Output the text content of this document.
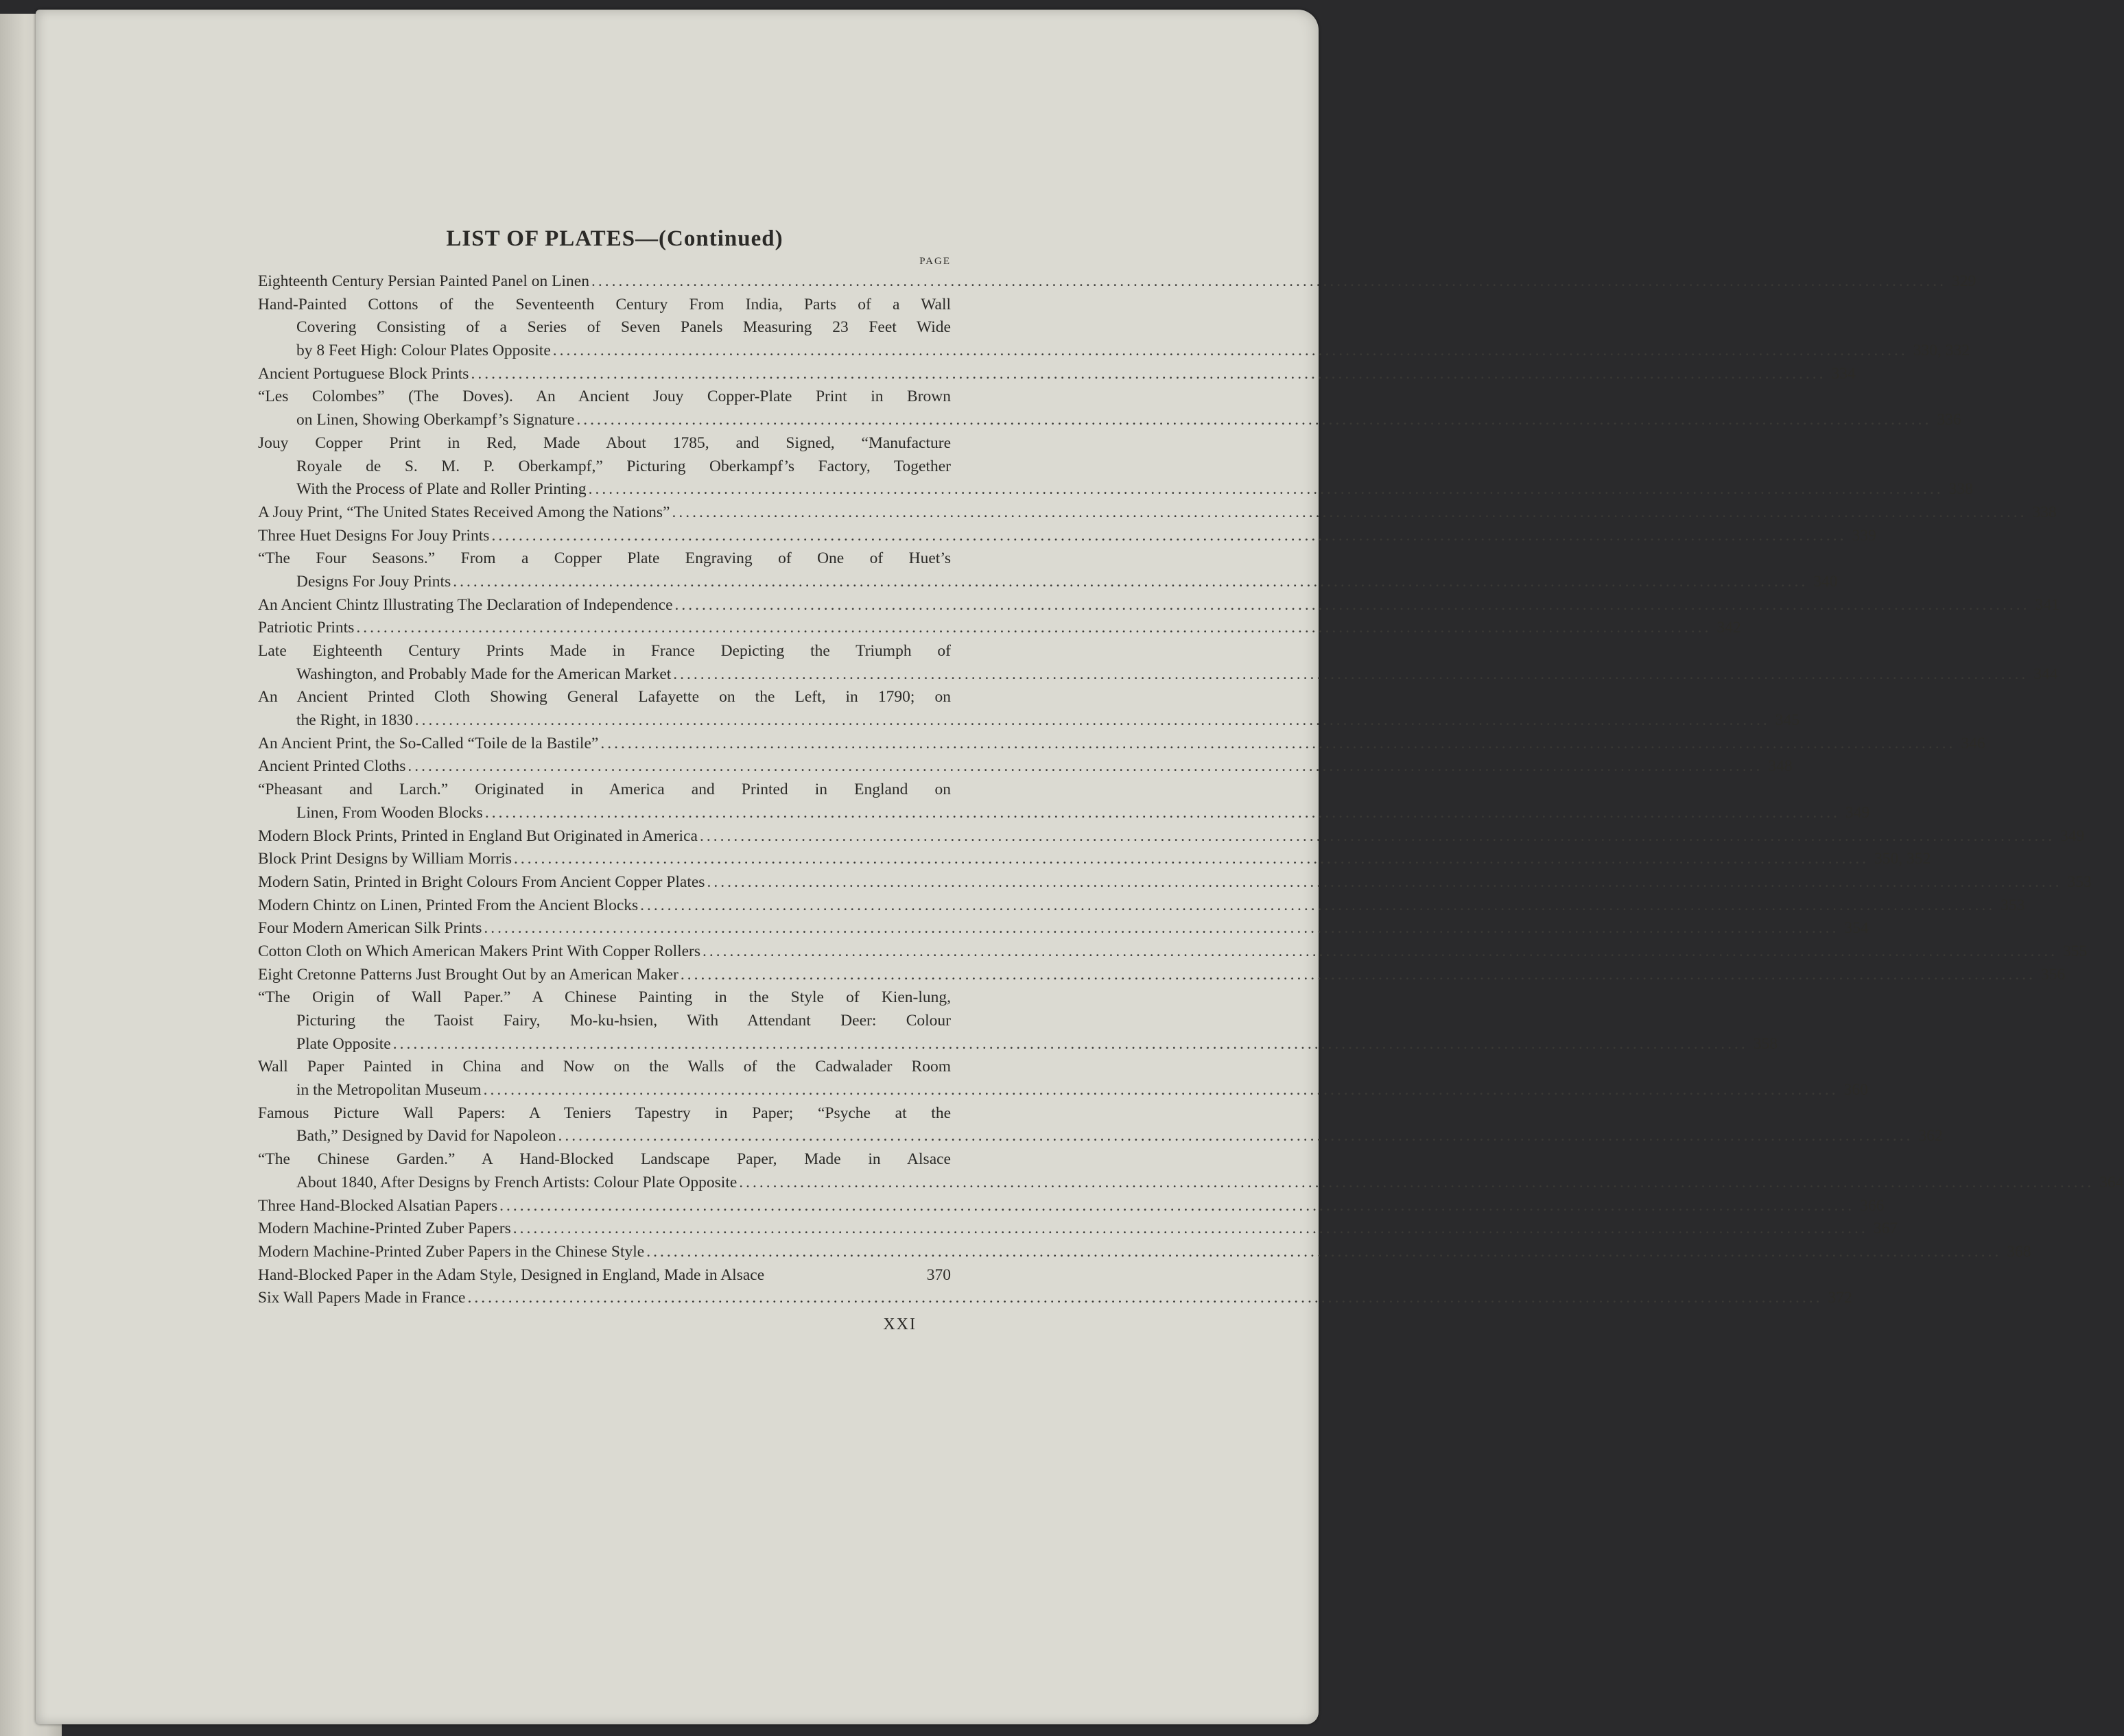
LIST OF PLATES—(Continued)
PAGE
Eighteenth Century Persian Painted Panel on Linen ........................................................................................................................................................................................................ 329
Hand-Painted Cottons of the Seventeenth Century From India, Parts of a Wall
Covering Consisting of a Series of Seven Panels Measuring 23 Feet Wide
by 8 Feet High: Colour Plates Opposite ........................................................................................................................................................................................................ 330, 332
Ancient Portuguese Block Prints ........................................................................................................................................................................................................ 334
“Les Colombes” (The Doves). An Ancient Jouy Copper-Plate Print in Brown
on Linen, Showing Oberkampf’s Signature ........................................................................................................................................................................................................ 336
Jouy Copper Print in Red, Made About 1785, and Signed, “Manufacture
Royale de S. M. P. Oberkampf,” Picturing Oberkampf’s Factory, Together
With the Process of Plate and Roller Printing ........................................................................................................................................................................................................ 338
A Jouy Print, “The United States Received Among the Nations” ........................................................................................................................................................................................................ 338
Three Huet Designs For Jouy Prints ........................................................................................................................................................................................................ 339
“The Four Seasons.” From a Copper Plate Engraving of One of Huet’s
Designs For Jouy Prints ........................................................................................................................................................................................................ 340
An Ancient Chintz Illustrating The Declaration of Independence ........................................................................................................................................................................................................ 341
Patriotic Prints ........................................................................................................................................................................................................ 342
Late Eighteenth Century Prints Made in France Depicting the Triumph of
Washington, and Probably Made for the American Market ........................................................................................................................................................................................................ 344
An Ancient Printed Cloth Showing General Lafayette on the Left, in 1790; on
the Right, in 1830 ........................................................................................................................................................................................................ 345
An Ancient Print, the So-Called “Toile de la Bastile” ........................................................................................................................................................................................................ 346
Ancient Printed Cloths ........................................................................................................................................................................................................ 348
“Pheasant and Larch.” Originated in America and Printed in England on
Linen, From Wooden Blocks ........................................................................................................................................................................................................ 349
Modern Block Prints, Printed in England But Originated in America ........................................................................................................................................................................................................ 349
Block Print Designs by William Morris ........................................................................................................................................................................................................ 350, 352
Modern Satin, Printed in Bright Colours From Ancient Copper Plates ........................................................................................................................................................................................................ 353
Modern Chintz on Linen, Printed From the Ancient Blocks ........................................................................................................................................................................................................ 353
Four Modern American Silk Prints ........................................................................................................................................................................................................ 354
Cotton Cloth on Which American Makers Print With Copper Rollers ........................................................................................................................................................................................................ 355
Eight Cretonne Patterns Just Brought Out by an American Maker ........................................................................................................................................................................................................ 356
“The Origin of Wall Paper.” A Chinese Painting in the Style of Kien-lung,
Picturing the Taoist Fairy, Mo-ku-hsien, With Attendant Deer: Colour
Plate Opposite ........................................................................................................................................................................................................ 358
Wall Paper Painted in China and Now on the Walls of the Cadwalader Room
in the Metropolitan Museum ........................................................................................................................................................................................................ 360
Famous Picture Wall Papers: A Teniers Tapestry in Paper; “Psyche at the
Bath,” Designed by David for Napoleon ........................................................................................................................................................................................................ 362
“The Chinese Garden.” A Hand-Blocked Landscape Paper, Made in Alsace
About 1840, After Designs by French Artists: Colour Plate Opposite ........................................................................................................................................................................................................ 364
Three Hand-Blocked Alsatian Papers ........................................................................................................................................................................................................ 366
Modern Machine-Printed Zuber Papers ........................................................................................................................................................................................................ 367
Modern Machine-Printed Zuber Papers in the Chinese Style ........................................................................................................................................................................................................ 368
Hand-Blocked Paper in the Adam Style, Designed in England, Made in Alsace	370
Six Wall Papers Made in France ........................................................................................................................................................................................................ 372
XXI
